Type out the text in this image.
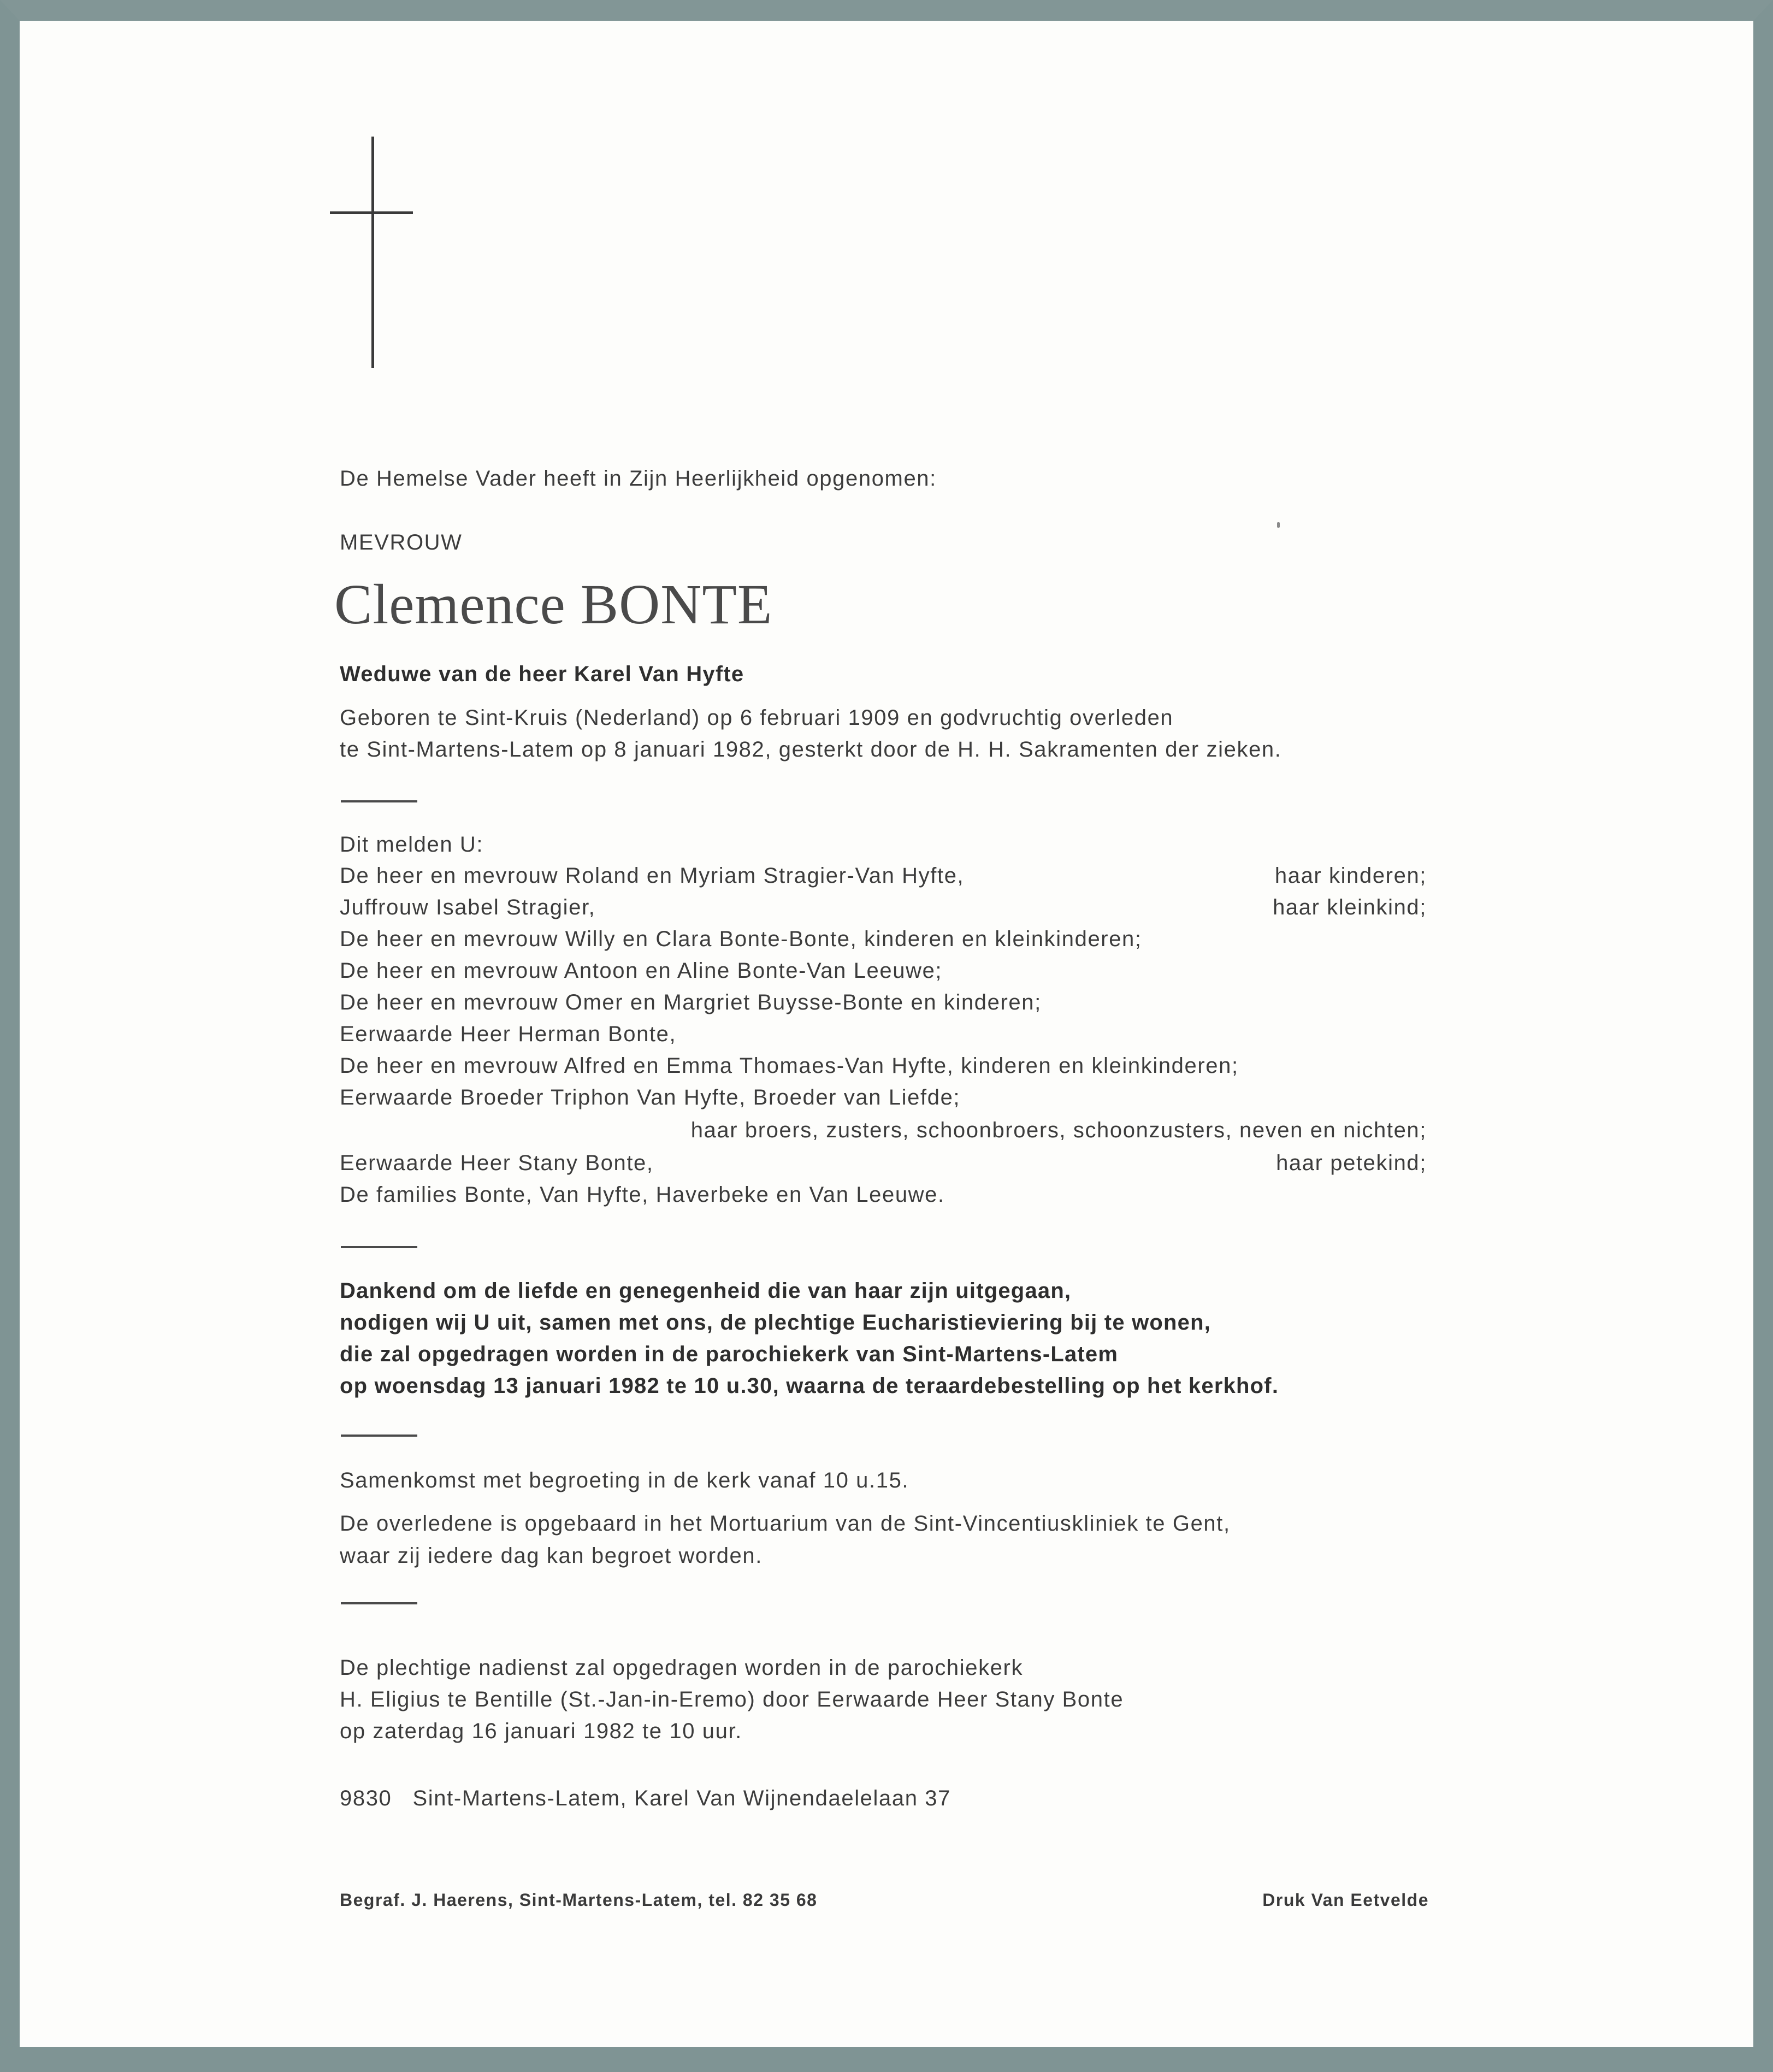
De Hemelse Vader heeft in Zijn Heerlijkheid opgenomen:
MEVROUW
Clemence BONTE
Weduwe van de heer Karel Van Hyfte
Geboren te Sint-Kruis (Nederland) op 6 februari 1909 en godvruchtig overleden
te Sint-Martens-Latem op 8 januari 1982, gesterkt door de H. H. Sakramenten der zieken.
Dit melden U:
De heer en mevrouw Roland en Myriam Stragier-Van Hyfte,	haar kinderen;
Juffrouw Isabel Stragier,	haar kleinkind;
De heer en mevrouw Willy en Clara Bonte-Bonte, kinderen en kleinkinderen;
De heer en mevrouw Antoon en Aline Bonte-Van Leeuwe;
De heer en mevrouw Omer en Margriet Buysse-Bonte en kinderen;
Eerwaarde Heer Herman Bonte,
De heer en mevrouw Alfred en Emma Thomaes-Van Hyfte, kinderen en kleinkinderen;
Eerwaarde Broeder Triphon Van Hyfte, Broeder van Liefde;
haar broers, zusters, schoonbroers, schoonzusters, neven en nichten;
Eerwaarde Heer Stany Bonte,	haar petekind;
De families Bonte, Van Hyfte, Haverbeke en Van Leeuwe.
Dankend om de liefde en genegenheid die van haar zijn uitgegaan,
nodigen wij U uit, samen met ons, de plechtige Eucharistieviering bij te wonen,
die zal opgedragen worden in de parochiekerk van Sint-Martens-Latem
op woensdag 13 januari 1982 te 10 u.30, waarna de teraardebestelling op het kerkhof.
Samenkomst met begroeting in de kerk vanaf 10 u.15.
De overledene is opgebaard in het Mortuarium van de Sint-Vincentiuskliniek te Gent,
waar zij iedere dag kan begroet worden.
De plechtige nadienst zal opgedragen worden in de parochiekerk
H. Eligius te Bentille (St.-Jan-in-Eremo) door Eerwaarde Heer Stany Bonte
op zaterdag 16 januari 1982 te 10 uur.
9830   Sint-Martens-Latem, Karel Van Wijnendaelelaan 37
Begraf. J. Haerens, Sint-Martens-Latem, tel. 82 35 68	Druk Van Eetvelde
